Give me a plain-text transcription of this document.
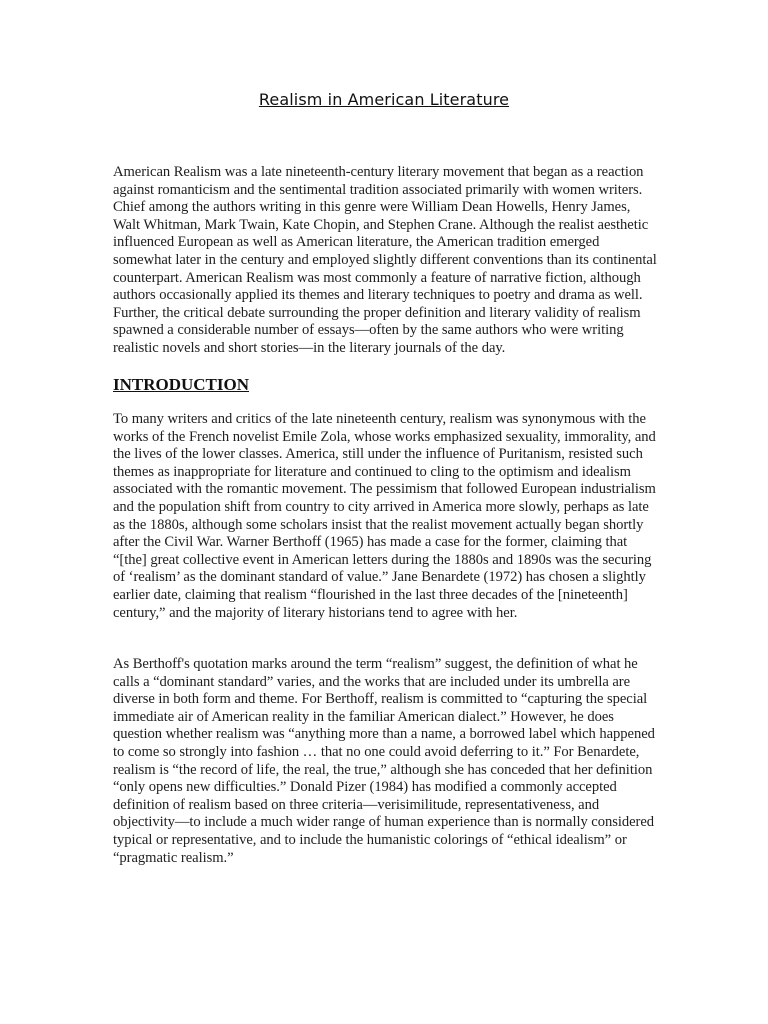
Realism in American Literature

American Realism was a late nineteenth-century literary movement that began as a reaction against romanticism and the sentimental tradition associated primarily with women writers. Chief among the authors writing in this genre were William Dean Howells, Henry James, Walt Whitman, Mark Twain, Kate Chopin, and Stephen Crane. Although the realist aesthetic influenced European as well as American literature, the American tradition emerged somewhat later in the century and employed slightly different conventions than its continental counterpart. American Realism was most commonly a feature of narrative fiction, although authors occasionally applied its themes and literary techniques to poetry and drama as well. Further, the critical debate surrounding the proper definition and literary validity of realism spawned a considerable number of essays—often by the same authors who were writing realistic novels and short stories—in the literary journals of the day.

INTRODUCTION

To many writers and critics of the late nineteenth century, realism was synonymous with the works of the French novelist Emile Zola, whose works emphasized sexuality, immorality, and the lives of the lower classes. America, still under the influence of Puritanism, resisted such themes as inappropriate for literature and continued to cling to the optimism and idealism associated with the romantic movement. The pessimism that followed European industrialism and the population shift from country to city arrived in America more slowly, perhaps as late as the 1880s, although some scholars insist that the realist movement actually began shortly after the Civil War. Warner Berthoff (1965) has made a case for the former, claiming that “[the] great collective event in American letters during the 1880s and 1890s was the securing of ‘realism’ as the dominant standard of value.” Jane Benardete (1972) has chosen a slightly earlier date, claiming that realism “flourished in the last three decades of the [nineteenth] century,” and the majority of literary historians tend to agree with her.

As Berthoff's quotation marks around the term “realism” suggest, the definition of what he calls a “dominant standard” varies, and the works that are included under its umbrella are diverse in both form and theme. For Berthoff, realism is committed to “capturing the special immediate air of American reality in the familiar American dialect.” However, he does question whether realism was “anything more than a name, a borrowed label which happened to come so strongly into fashion … that no one could avoid deferring to it.” For Benardete, realism is “the record of life, the real, the true,” although she has conceded that her definition “only opens new difficulties.” Donald Pizer (1984) has modified a commonly accepted definition of realism based on three criteria—verisimilitude, representativeness, and objectivity—to include a much wider range of human experience than is normally considered typical or representative, and to include the humanistic colorings of “ethical idealism” or “pragmatic realism.”
